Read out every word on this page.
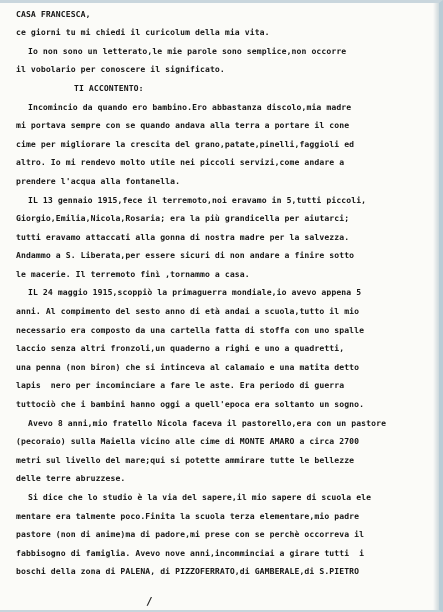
CASA FRANCESCA,
ce giorni tu mi chiedi il curicolum della mia vita.
Io non sono un letterato,le mie parole sono semplice,non occorre
il vobolario per conoscere il significato.
TI ACCONTENTO:
Incomincio da quando ero bambino.Ero abbastanza discolo,mia madre
mi portava sempre con se quando andava alla terra a portare il cone
cime per migliorare la crescita del grano,patate,pinelli,faggioli ed
altro. Io mi rendevo molto utile nei piccoli servizi,come andare a
prendere l'acqua alla fontanella.
IL 13 gennaio 1915,fece il terremoto,noi eravamo in 5,tutti piccoli,
Giorgio,Emilia,Nicola,Rosaria; era la più grandicella per aiutarci;
tutti eravamo attaccati alla gonna di nostra madre per la salvezza.
Andammo a S. Liberata,per essere sicuri di non andare a finire sotto
le macerie. Il terremoto finì ,tornammo a casa.
IL 24 maggio 1915,scoppiò la primaguerra mondiale,io avevo appena 5
anni. Al compimento del sesto anno di età andai a scuola,tutto il mio
necessario era composto da una cartella fatta di stoffa con uno spalle
laccio senza altri fronzoli,un quaderno a righi e uno a quadretti,
una penna (non biron) che si intinceva al calamaio e una matita detto
lapis  nero per incominciare a fare le aste. Era periodo di guerra
tuttociò che i bambini hanno oggi a quell'epoca era soltanto un sogno.
Avevo 8 anni,mio fratello Nicola faceva il pastorello,era con un pastore
(pecoraio) sulla Maiella vicino alle cime di MONTE AMARO a circa 2700
metri sul livello del mare;qui si potette ammirare tutte le bellezze
delle terre abruzzese.
Si dice che lo studio è la via del sapere,il mio sapere di scuola ele
mentare era talmente poco.Finita la scuola terza elementare,mio padre
pastore (non di anime)ma di padore,mi prese con se perchè occorreva il
fabbisogno di famiglia. Avevo nove anni,incomminciai a girare tutti  i
boschi della zona di PALENA, di PIZZOFERRATO,di GAMBERALE,di S.PIETRO
/
